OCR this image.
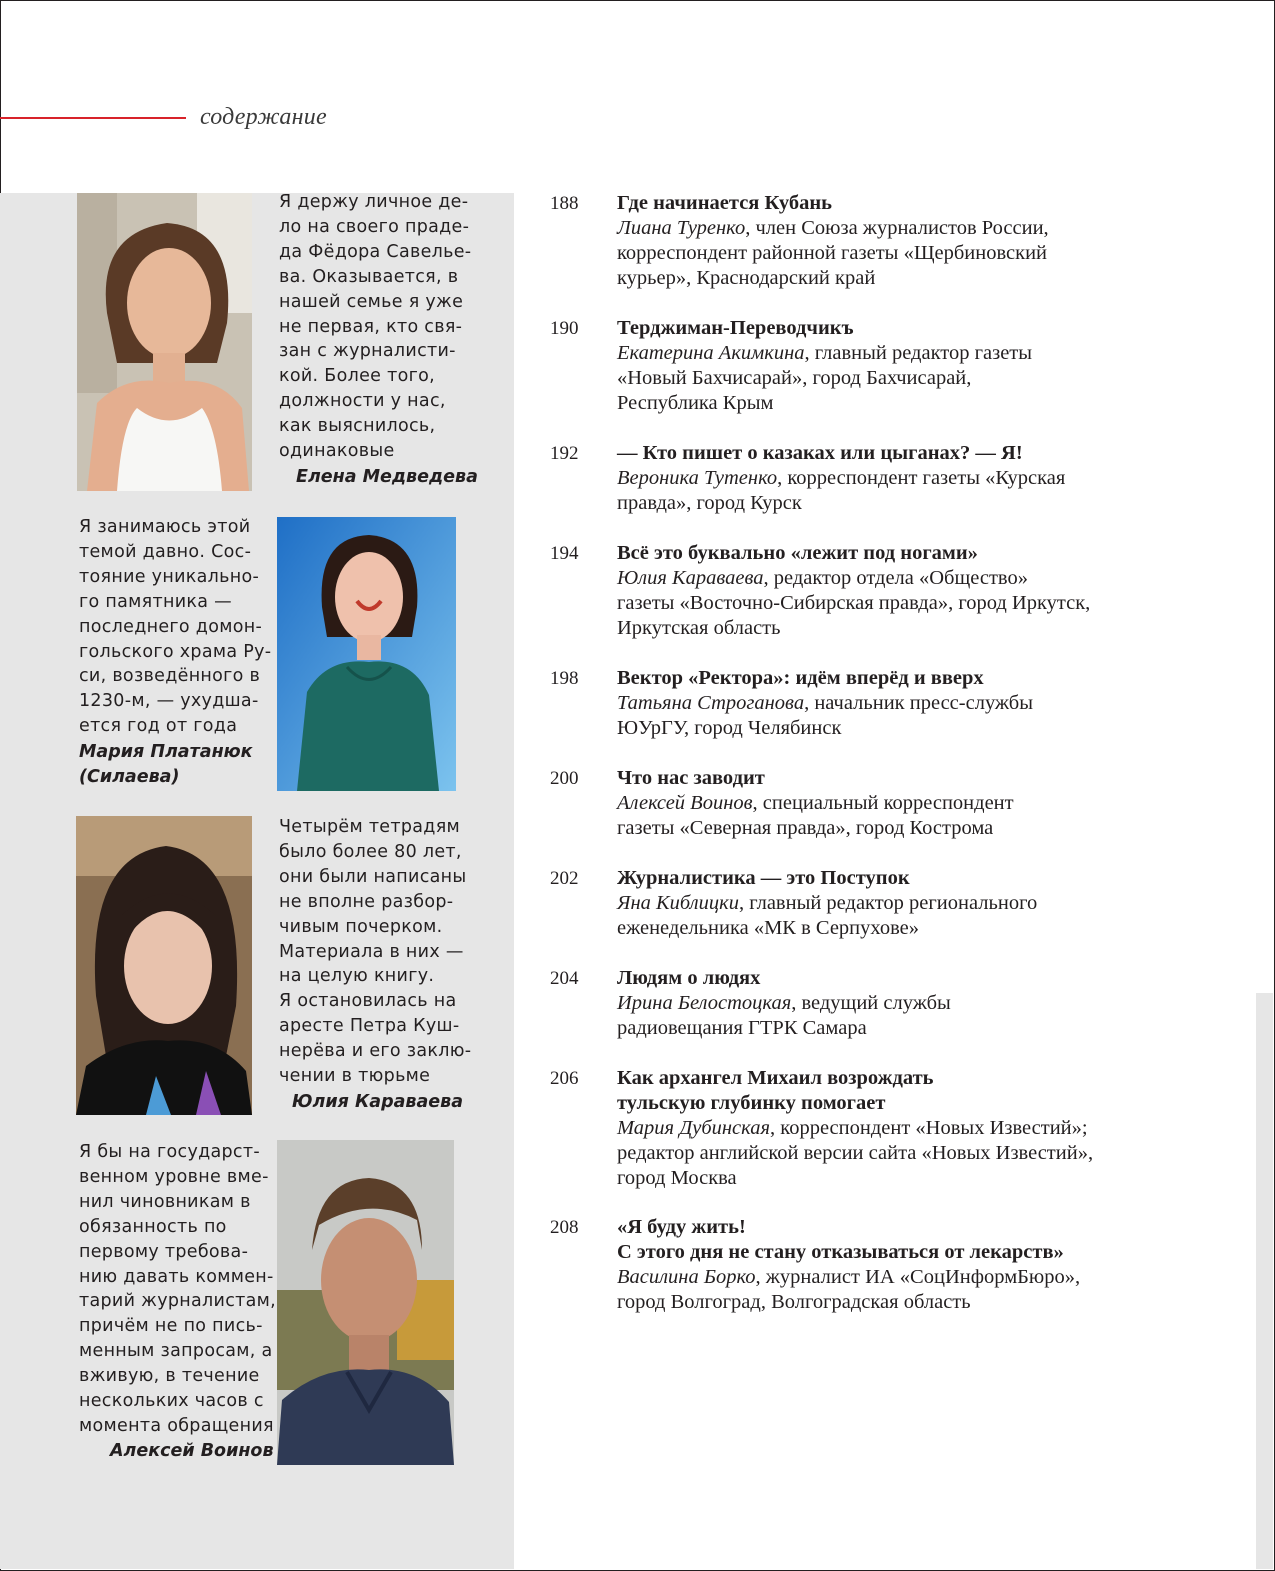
содержание
Я держу личное де-
ло на своего праде-
да Фёдора Савелье-
ва. Оказывается, в
нашей семье я уже
не первая, кто свя-
зан с журналисти-
кой. Более того,
должности у нас,
как выяснилось,
одинаковые
Елена Медведева
Я занимаюсь этой
темой давно. Сос-
тояние уникально-
го памятника —
последнего домон-
гольского храма Ру-
си, возведённого в
1230-м, — ухудша-
ется год от года
Мария Платанюк
(Силаева)
Четырём тетрадям
было более 80 лет,
они были написаны
не вполне разбор-
чивым почерком.
Материала в них —
на целую книгу.
Я остановилась на
аресте Петра Куш-
нерёва и его заклю-
чении в тюрьме
Юлия Караваева
Я бы на государст-
венном уровне вме-
нил чиновникам в
обязанность по
первому требова-
нию давать коммен-
тарий журналистам,
причём не по пись-
менным запросам, а
вживую, в течение
нескольких часов с
момента обращения
Алексей Воинов
188	Где начинается Кубань
Лиана Туренко, член Союза журналистов России,
корреспондент районной газеты «Щербиновский
курьер», Краснодарский край
190	Терджиман-Переводчикъ
Екатерина Акимкина, главный редактор газеты
«Новый Бахчисарай», город Бахчисарай,
Республика Крым
192	— Кто пишет о казаках или цыганах? — Я!
Вероника Тутенко, корреспондент газеты «Курская
правда», город Курск
194	Всё это буквально «лежит под ногами»
Юлия Караваева, редактор отдела «Общество»
газеты «Восточно-Сибирская правда», город Иркутск,
Иркутская область
198	Вектор «Ректора»: идём вперёд и вверх
Татьяна Строганова, начальник пресс-службы
ЮУрГУ, город Челябинск
200	Что нас заводит
Алексей Воинов, специальный корреспондент
газеты «Северная правда», город Кострома
202	Журналистика — это Поступок
Яна Киблицки, главный редактор регионального
еженедельника «МК в Серпухове»
204	Людям о людях
Ирина Белостоцкая, ведущий службы
радиовещания ГТРК Самара
206	Как архангел Михаил возрождать
тульскую глубинку помогает
Мария Дубинская, корреспондент «Новых Известий»;
редактор английской версии сайта «Новых Известий»,
город Москва
208	«Я буду жить!
С этого дня не стану отказываться от лекарств»
Василина Борко, журналист ИА «СоцИнформБюро»,
город Волгоград, Волгоградская область
